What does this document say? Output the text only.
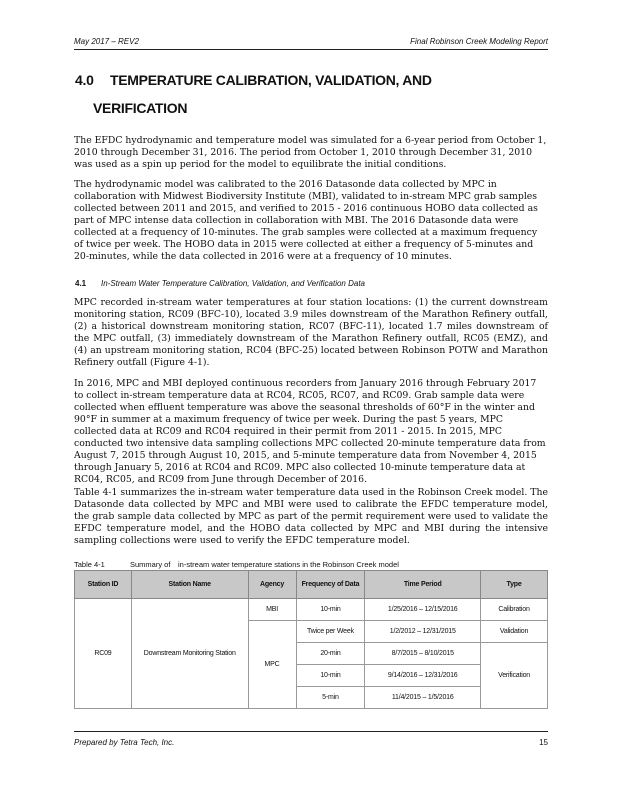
May 2017 – REV2	Final Robinson Creek Modeling Report
4.0 TEMPERATURE CALIBRATION, VALIDATION, AND
VERIFICATION

The EFDC hydrodynamic and temperature model was simulated for a 6-year period from October 1, 2010 through December 31, 2016. The period from October 1, 2010 through December 31, 2010 was used as a spin up period for the model to equilibrate the initial conditions.

The hydrodynamic model was calibrated to the 2016 Datasonde data collected by MPC in collaboration with Midwest Biodiversity Institute (MBI), validated to in-stream MPC grab samples collected between 2011 and 2015, and verified to 2015 - 2016 continuous HOBO data collected as part of MPC intense data collection in collaboration with MBI. The 2016 Datasonde data were collected at a frequency of 10-minutes. The grab samples were collected at a maximum frequency of twice per week. The HOBO data in 2015 were collected at either a frequency of 5-minutes and 20-minutes, while the data collected in 2016 were at a frequency of 10 minutes.

4.1 In-Stream Water Temperature Calibration, Validation, and Verification Data

MPC recorded in-stream water temperatures at four station locations: (1) the current downstream monitoring station, RC09 (BFC-10), located 3.9 miles downstream of the Marathon Refinery outfall, (2) a historical downstream monitoring station, RC07 (BFC-11), located 1.7 miles downstream of the MPC outfall, (3) immediately downstream of the Marathon Refinery outfall, RC05 (EMZ), and (4) an upstream monitoring station, RC04 (BFC-25) located between Robinson POTW and Marathon Refinery outfall (Figure 4-1).

In 2016, MPC and MBI deployed continuous recorders from January 2016 through February 2017 to collect in-stream temperature data at RC04, RC05, RC07, and RC09. Grab sample data were collected when effluent temperature was above the seasonal thresholds of 60°F in the winter and 90°F in summer at a maximum frequency of twice per week. During the past 5 years, MPC collected data at RC09 and RC04 required in their permit from 2011 - 2015. In 2015, MPC conducted two intensive data sampling collections MPC collected 20-minute temperature data from August 7, 2015 through August 10, 2015, and 5-minute temperature data from November 4, 2015 through January 5, 2016 at RC04 and RC09. MPC also collected 10-minute temperature data at RC04, RC05, and RC09 from June through December of 2016.

Table 4-1 summarizes the in-stream water temperature data used in the Robinson Creek model. The Datasonde data collected by MPC and MBI were used to calibrate the EFDC temperature model, the grab sample data collected by MPC as part of the permit requirement were used to validate the EFDC temperature model, and the HOBO data collected by MPC and MBI during the intensive sampling collections were used to verify the EFDC temperature model.

Table 4-1	Summary of in-stream water temperature stations in the Robinson Creek model
Station ID	Station Name	Agency	Frequency of Data	Time Period	Type
RC09	Downstream Monitoring Station	MBI	10-min	1/25/2016 – 12/15/2016	Calibration
		MPC	Twice per Week	1/2/2012 – 12/31/2015	Validation
			20-min	8/7/2015 – 8/10/2015	Verification
			10-min	9/14/2016 – 12/31/2016	
			5-min	11/4/2015 – 1/5/2016	
Prepared by Tetra Tech, Inc.	15
